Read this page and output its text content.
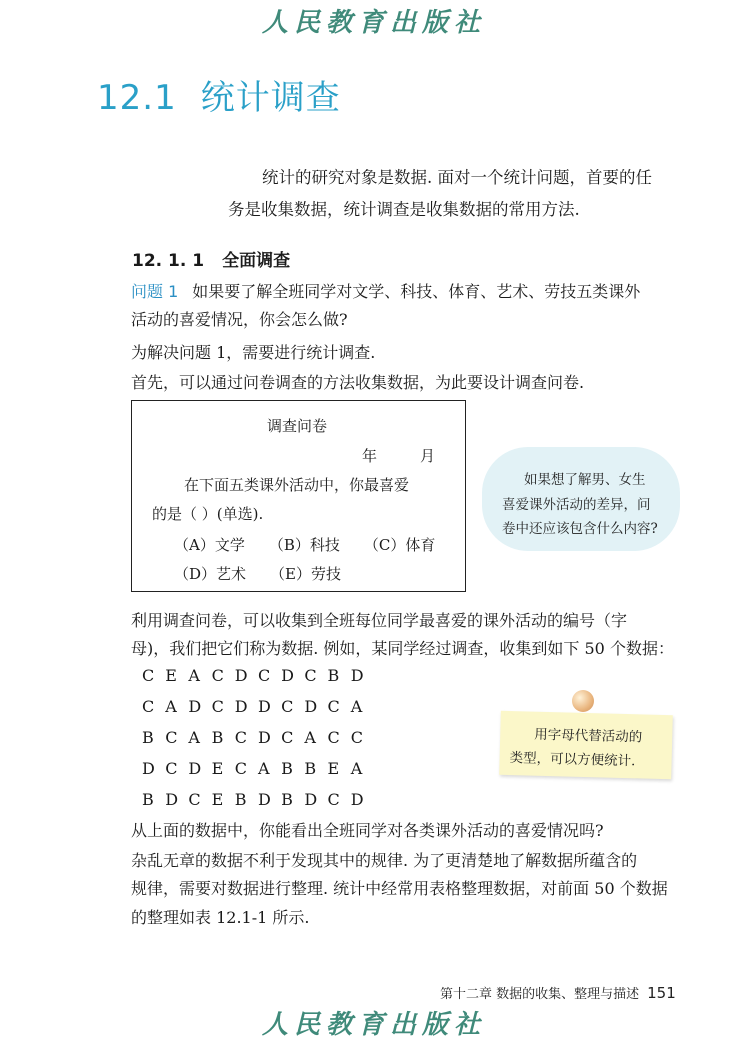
人民教育出版社
12.1 统计调查
统计的研究对象是数据. 面对一个统计问题，首要的任
务是收集数据，统计调查是收集数据的常用方法.
12. 1. 1 全面调查
问题 1 如果要了解全班同学对文学、科技、体育、艺术、劳技五类课外
活动的喜爱情况，你会怎么做?
为解决问题 1，需要进行统计调查.
首先，可以通过问卷调查的方法收集数据，为此要设计调查问卷.
调查问卷
年	月
在下面五类课外活动中，你最喜爱
的是（ ）(单选).
（A）文学 （B）科技 （C）体育
（D）艺术 （E）劳技
如果想了解男、女生
喜爱课外活动的差异，问
卷中还应该包含什么内容?
利用调查问卷，可以收集到全班每位同学最喜爱的课外活动的编号（字
母)，我们把它们称为数据. 例如，某同学经过调查，收集到如下 50 个数据：
C E A C D C D C B D
C A D C D D C D C A
B C A B C D C A C C
D C D E C A B B E A
B D C E B D B D C D
用字母代替活动的
类型，可以方便统计.
从上面的数据中，你能看出全班同学对各类课外活动的喜爱情况吗?
杂乱无章的数据不利于发现其中的规律. 为了更清楚地了解数据所蕴含的
规律，需要对数据进行整理. 统计中经常用表格整理数据，对前面 50 个数据
的整理如表 12.1-1 所示.
第十二章 数据的收集、整理与描述 151
人民教育出版社
